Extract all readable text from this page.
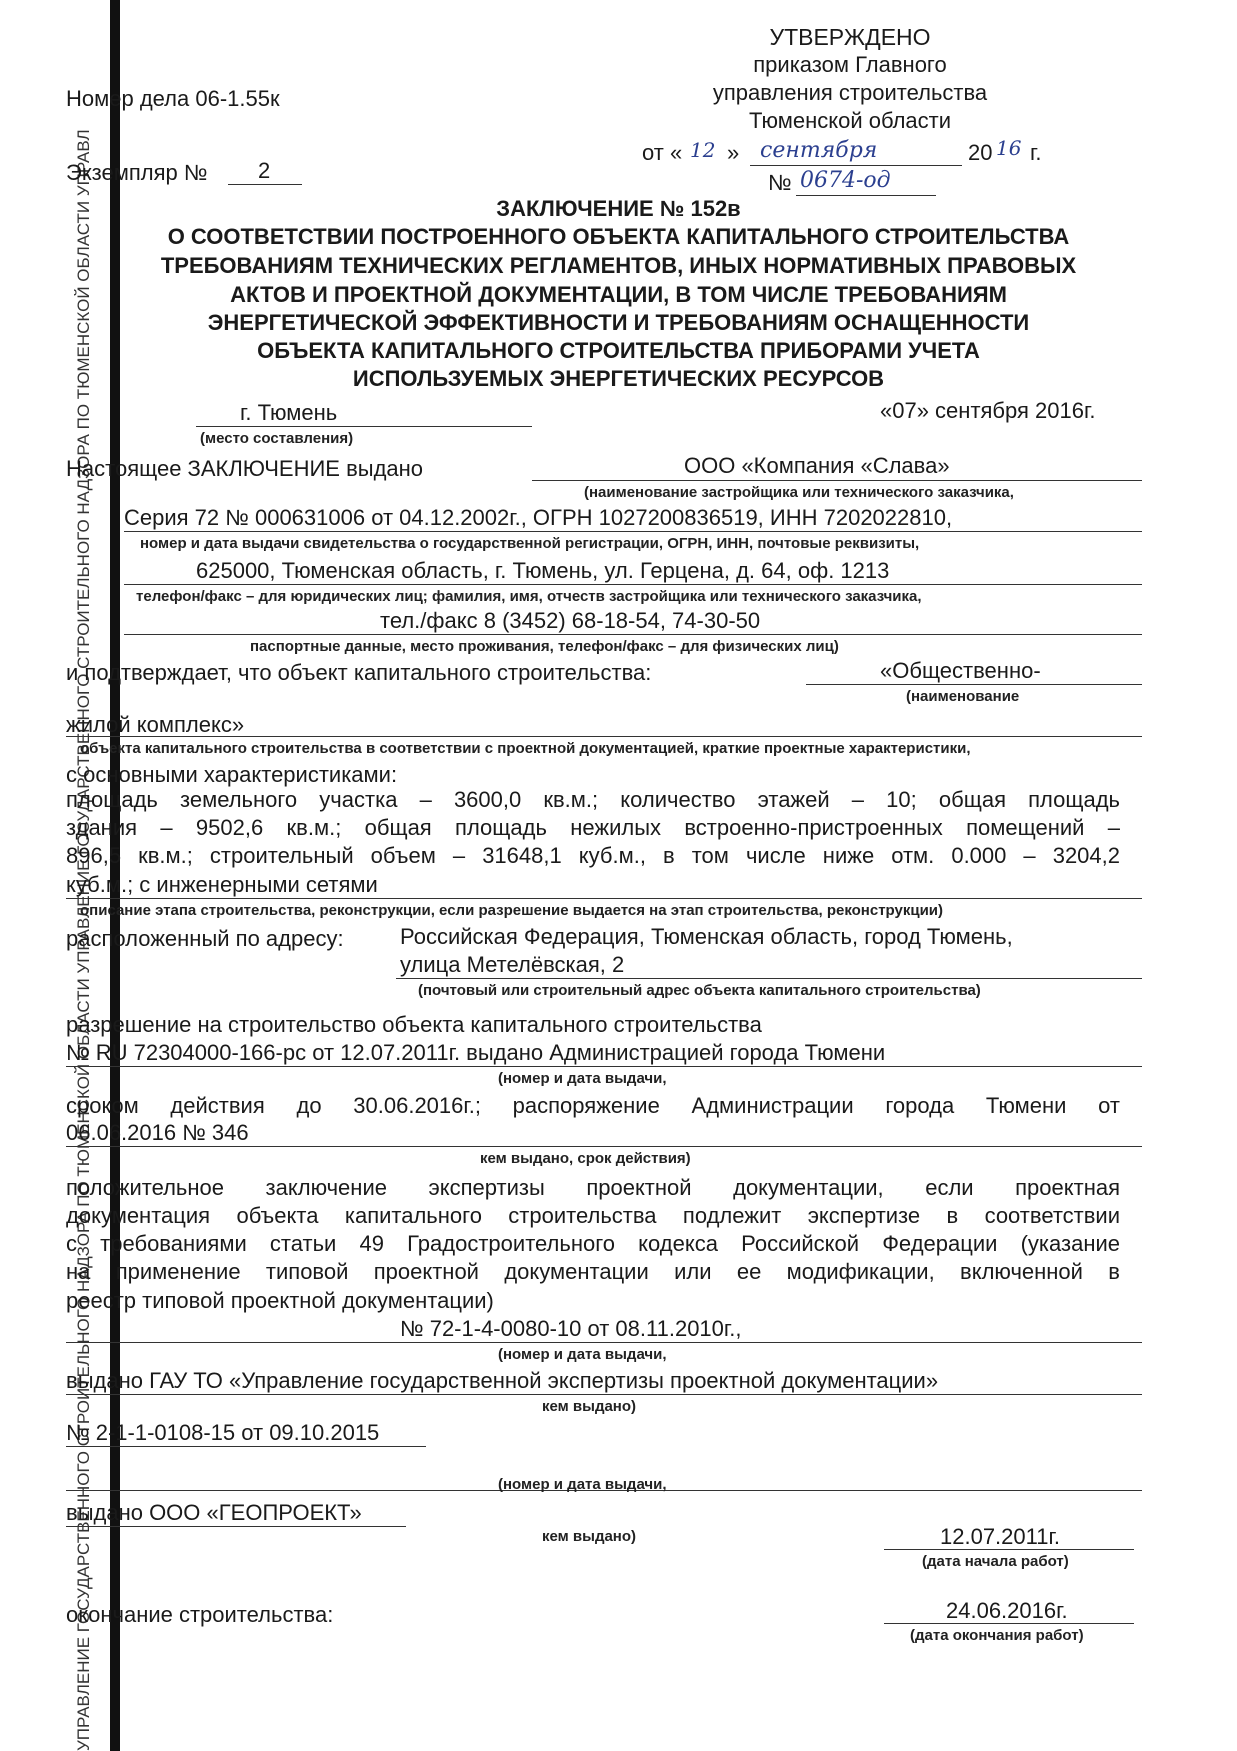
УПРАВЛЕНИЕ ГОСУДАРСТВЕННОГО СТРОИТЕЛЬНОГО НАДЗОРА ПО ТЮМЕНСКОЙ ОБЛАСТИ УПРАВЛЕНИЕ ГОСУДАРСТВЕННОГО СТРОИТЕЛЬНОГО НАДЗОРА ПО ТЮМЕНСКОЙ ОБЛАСТИ УПРАВЛ
УТВЕРЖДЕНО
приказом Главного
управления строительства
Тюменской области
от « 12 » сентября	20 16 г.
№ 0674-од
Номер дела 06-1.55к
Экземпляр № 2
ЗАКЛЮЧЕНИЕ № 152в
О СООТВЕТСТВИИ ПОСТРОЕННОГО ОБЪЕКТА КАПИТАЛЬНОГО СТРОИТЕЛЬСТВА
ТРЕБОВАНИЯМ ТЕХНИЧЕСКИХ РЕГЛАМЕНТОВ, ИНЫХ НОРМАТИВНЫХ ПРАВОВЫХ
АКТОВ И ПРОЕКТНОЙ ДОКУМЕНТАЦИИ, В ТОМ ЧИСЛЕ ТРЕБОВАНИЯМ
ЭНЕРГЕТИЧЕСКОЙ ЭФФЕКТИВНОСТИ И ТРЕБОВАНИЯМ ОСНАЩЕННОСТИ
ОБЪЕКТА КАПИТАЛЬНОГО СТРОИТЕЛЬСТВА ПРИБОРАМИ УЧЕТА
ИСПОЛЬЗУЕМЫХ ЭНЕРГЕТИЧЕСКИХ РЕСУРСОВ
г. Тюмень
(место составления)
«07» сентября 2016г.
Настоящее ЗАКЛЮЧЕНИЕ выдано	ООО «Компания «Слава»
(наименование застройщика или технического заказчика,
Серия 72 № 000631006 от 04.12.2002г., ОГРН 1027200836519, ИНН 7202022810,
номер и дата выдачи свидетельства о государственной регистрации, ОГРН, ИНН, почтовые реквизиты,
625000, Тюменская область, г. Тюмень, ул. Герцена, д. 64, оф. 1213
телефон/факс – для юридических лиц; фамилия, имя, отчеств застройщика или технического заказчика,
тел./факс 8 (3452) 68-18-54, 74-30-50
паспортные данные, место проживания, телефон/факс – для физических лиц)
и подтверждает, что объект капитального строительства:	«Общественно-
(наименование
жилой комплекс»
объекта капитального строительства в соответствии с проектной документацией, краткие проектные характеристики,
с основными характеристиками:
площадь земельного участка – 3600,0 кв.м.; количество этажей – 10; общая площадь
здания – 9502,6 кв.м.; общая площадь нежилых встроенно-пристроенных помещений –
896,5 кв.м.; строительный объем – 31648,1 куб.м., в том числе ниже отм. 0.000 – 3204,2
куб.м.; с инженерными сетями
описание этапа строительства, реконструкции, если разрешение выдается на этап строительства, реконструкции)
расположенный по адресу:	Российская Федерация, Тюменская область, город Тюмень,
улица Метелёвская, 2
(почтовый или строительный адрес объекта капитального строительства)
разрешение на строительство объекта капитального строительства
№ RU 72304000-166-рс от 12.07.2011г. выдано Администрацией города Тюмени
(номер и дата выдачи,
сроком действия до 30.06.2016г.; распоряжение Администрации города Тюмени от
06.06.2016 № 346
кем выдано, срок действия)
положительное заключение экспертизы проектной документации, если проектная
документация объекта капитального строительства подлежит экспертизе в соответствии
с требованиями статьи 49 Градостроительного кодекса Российской Федерации (указание
на применение типовой проектной документации или ее модификации, включенной в
реестр типовой проектной документации)
№ 72-1-4-0080-10 от 08.11.2010г.,
(номер и дата выдачи,
выдано ГАУ ТО «Управление государственной экспертизы проектной документации»
кем выдано)
№ 2-1-1-0108-15 от 09.10.2015
(номер и дата выдачи,
выдано ООО «ГЕОПРОЕКТ»
кем выдано)	12.07.2011г.
(дата начала работ)
окончание строительства:	24.06.2016г.
(дата окончания работ)
